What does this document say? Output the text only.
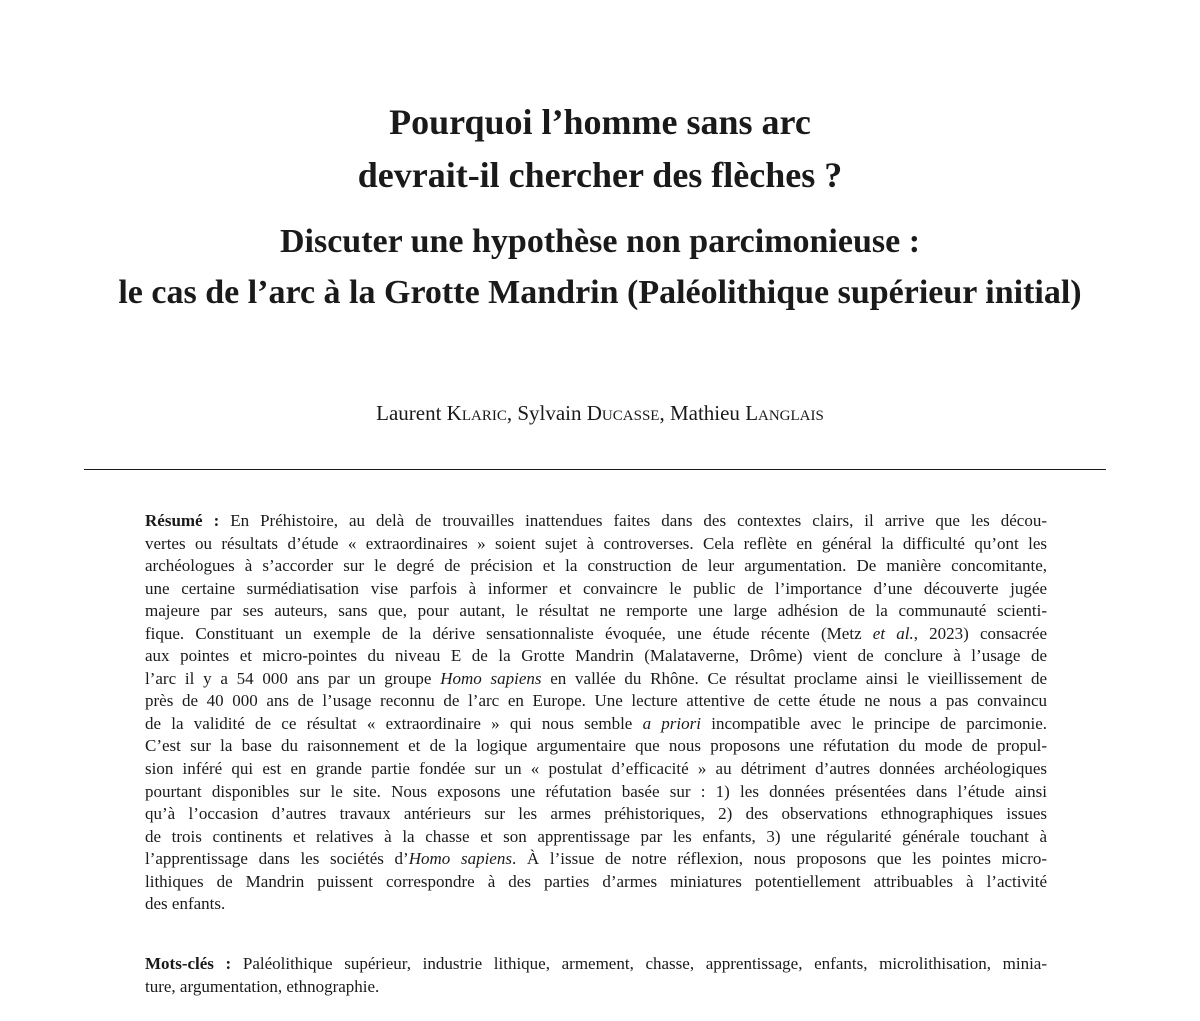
Pourquoi l’homme sans arc
devrait-il chercher des flèches ?
Discuter une hypothèse non parcimonieuse :
le cas de l’arc à la Grotte Mandrin (Paléolithique supérieur initial)
Laurent Klaric, Sylvain Ducasse, Mathieu Langlais
Résumé : En Préhistoire, au delà de trouvailles inattendues faites dans des contextes clairs, il arrive que les décou-
vertes ou résultats d’étude « extraordinaires » soient sujet à controverses. Cela reflète en général la difficulté qu’ont les
archéologues à s’accorder sur le degré de précision et la construction de leur argumentation. De manière concomitante,
une certaine surmédiatisation vise parfois à informer et convaincre le public de l’importance d’une découverte jugée
majeure par ses auteurs, sans que, pour autant, le résultat ne remporte une large adhésion de la communauté scienti-
fique. Constituant un exemple de la dérive sensationnaliste évoquée, une étude récente (Metz et al., 2023) consacrée
aux pointes et micro-pointes du niveau E de la Grotte Mandrin (Malataverne, Drôme) vient de conclure à l’usage de
l’arc il y a 54 000 ans par un groupe Homo sapiens en vallée du Rhône. Ce résultat proclame ainsi le vieillissement de
près de 40 000 ans de l’usage reconnu de l’arc en Europe. Une lecture attentive de cette étude ne nous a pas convaincu
de la validité de ce résultat « extraordinaire » qui nous semble a priori incompatible avec le principe de parcimonie.
C’est sur la base du raisonnement et de la logique argumentaire que nous proposons une réfutation du mode de propul-
sion inféré qui est en grande partie fondée sur un « postulat d’efficacité » au détriment d’autres données archéologiques
pourtant disponibles sur le site. Nous exposons une réfutation basée sur : 1) les données présentées dans l’étude ainsi
qu’à l’occasion d’autres travaux antérieurs sur les armes préhistoriques, 2) des observations ethnographiques issues
de trois continents et relatives à la chasse et son apprentissage par les enfants, 3) une régularité générale touchant à
l’apprentissage dans les sociétés d’Homo sapiens. À l’issue de notre réflexion, nous proposons que les pointes micro-
lithiques de Mandrin puissent correspondre à des parties d’armes miniatures potentiellement attribuables à l’activité
des enfants.
Mots-clés : Paléolithique supérieur, industrie lithique, armement, chasse, apprentissage, enfants, microlithisation, minia-
ture, argumentation, ethnographie.
